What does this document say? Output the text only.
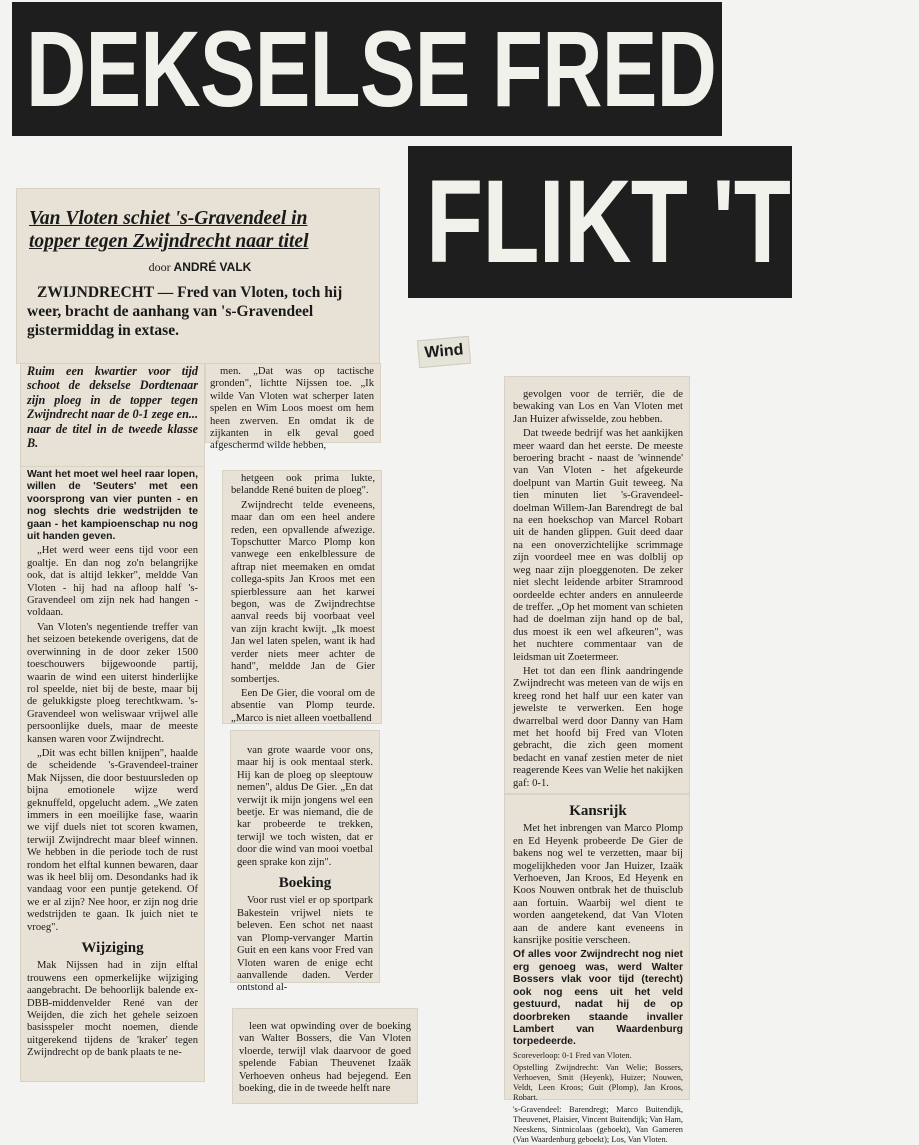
DEKSELSE FRED
FLIKT 'T
Wind
Van Vloten schiet 's-Gravendeel in
topper tegen Zwijndrecht naar titel
door ANDRÉ VALK

ZWIJNDRECHT — Fred van Vloten, toch hij weer, bracht de aanhang van 's-Gravendeel gistermiddag in extase.

Ruim een kwartier voor tijd schoot de dekselse Dordtenaar zijn ploeg in de topper tegen Zwijndrecht naar de 0-1 zege en... naar de titel in de tweede klasse B.

Want het moet wel heel raar lopen, willen de 'Seuters' met een voorsprong van vier punten - en nog slechts drie wedstrijden te gaan - het kampioenschap nu nog uit handen geven.

„Het werd weer eens tijd voor een goaltje. En dan nog zo'n belangrijke ook, dat is altijd lekker", meldde Van Vloten - hij had na afloop half 's-Gravendeel om zijn nek had hangen - voldaan.

Van Vloten's negentiende treffer van het seizoen betekende overigens, dat de overwinning in de door zeker 1500 toeschouwers bijgewoonde partij, waarin de wind een uiterst hinderlijke rol speelde, niet bij de beste, maar bij de gelukkigste ploeg terechtkwam. 's-Gravendeel won weliswaar vrijwel alle persoonlijke duels, maar de meeste kansen waren voor Zwijndrecht.

„Dit was echt billen knijpen", haalde de scheidende 's-Gravendeel-trainer Mak Nijssen, die door bestuursleden op bijna emotionele wijze werd geknuffeld, opgelucht adem. „We zaten immers in een moeilijke fase, waarin we vijf duels niet tot scoren kwamen, terwijl Zwijndrecht maar bleef winnen. We hebben in die periode toch de rust rondom het elftal kunnen bewaren, daar was ik heel blij om. Desondanks had ik vandaag voor een puntje getekend. Of we er al zijn? Nee hoor, er zijn nog drie wedstrijden te gaan. Ik juich niet te vroeg".

Wijziging

Mak Nijssen had in zijn elftal trouwens een opmerkelijke wijziging aangebracht. De behoorlijk balende ex-DBB-middenvelder René van der Weijden, die zich het gehele seizoen basisspeler mocht noemen, diende uitgerekend tijdens de 'kraker' tegen Zwijndrecht op de bank plaats te ne-

men. „Dat was op tactische gronden", lichtte Nijssen toe. „Ik wilde Van Vloten wat scherper laten spelen en Wim Loos moest om hem heen zwerven. En omdat ik de zijkanten in elk geval goed afgeschermd wilde hebben,

hetgeen ook prima lukte, belandde René buiten de ploeg".

Zwijndrecht telde eveneens, maar dan om een heel andere reden, een opvallende afwezige. Topschutter Marco Plomp kon vanwege een enkelblessure de aftrap niet meemaken en omdat collega-spits Jan Kroos met een spierblessure aan het karwei begon, was de Zwijndrechtse aanval reeds bij voorbaat veel van zijn kracht kwijt. „Ik moest Jan wel laten spelen, want ik had verder niets meer achter de hand", meldde Jan de Gier sombertjes.

Een De Gier, die vooral om de absentie van Plomp teurde. „Marco is niet alleen voetballend

van grote waarde voor ons, maar hij is ook mentaal sterk. Hij kan de ploeg op sleeptouw nemen", aldus De Gier. „En dat verwijt ik mijn jongens wel een beetje. Er was niemand, die de kar probeerde te trekken, terwijl we toch wisten, dat er door die wind van mooi voetbal geen sprake kon zijn".

Boeking

Voor rust viel er op sportpark Bakestein vrijwel niets te beleven. Een schot net naast van Plomp-vervanger Martin Guit en een kans voor Fred van Vloten waren de enige echt aanvallende daden. Verder ontstond al-

leen wat opwinding over de boeking van Walter Bossers, die Van Vloten vloerde, terwijl vlak daarvoor de goed spelende Fabian Theuvenet Izaäk Verhoeven onheus had bejegend. Een boeking, die in de tweede helft nare

gevolgen voor de terriër, die de bewaking van Los en Van Vloten met Jan Huizer afwisselde, zou hebben.

Dat tweede bedrijf was het aankijken meer waard dan het eerste. De meeste beroering bracht - naast de 'winnende' van Van Vloten - het afgekeurde doelpunt van Martin Guit teweeg. Na tien minuten liet 's-Gravendeel-doelman Willem-Jan Barendregt de bal na een hoekschop van Marcel Robart uit de handen glippen. Guit deed daar na een onoverzichtelijke scrimmage zijn voordeel mee en was dolblij op weg naar zijn ploeggenoten. De zeker niet slecht leidende arbiter Stramrood oordeelde echter anders en annuleerde de treffer. „Op het moment van schieten had de doelman zijn hand op de bal, dus moest ik een wel afkeuren", was het nuchtere commentaar van de leidsman uit Zoetermeer.

Het tot dan een flink aandringende Zwijndrecht was meteen van de wijs en kreeg rond het half uur een kater van jewelste te verwerken. Een hoge dwarrelbal werd door Danny van Ham met het hoofd bij Fred van Vloten gebracht, die zich geen moment bedacht en vanaf zestien meter de niet reagerende Kees van Welie het nakijken gaf: 0-1.

Kansrijk

Met het inbrengen van Marco Plomp en Ed Heyenk probeerde De Gier de bakens nog wel te verzetten, maar bij mogelijkheden voor Jan Huizer, Izaäk Verhoeven, Jan Kroos, Ed Heyenk en Koos Nouwen ontbrak het de thuisclub aan fortuin. Waarbij wel dient te worden aangetekend, dat Van Vloten aan de andere kant eveneens in kansrijke positie verscheen.

Of alles voor Zwijndrecht nog niet erg genoeg was, werd Walter Bossers vlak voor tijd (terecht) ook nog eens uit het veld gestuurd, nadat hij de op doorbreken staande invaller Lambert van Waardenburg torpedeerde.

Scoreverloop: 0-1 Fred van Vloten.

Opstelling Zwijndrecht: Van Welie; Bossers, Verhoeven, Smit (Heyenk), Huizer; Nouwen, Veldt, Leen Kroos; Guit (Plomp), Jan Kroos, Robart.

's-Gravendeel: Barendregt; Marco Buitendijk, Theuvenet, Plaisier, Vincent Buitendijk; Van Ham, Neeskens, Sintnicolaas (geboekt), Van Gameren (Van Waardenburg geboekt); Los, Van Vloten.
